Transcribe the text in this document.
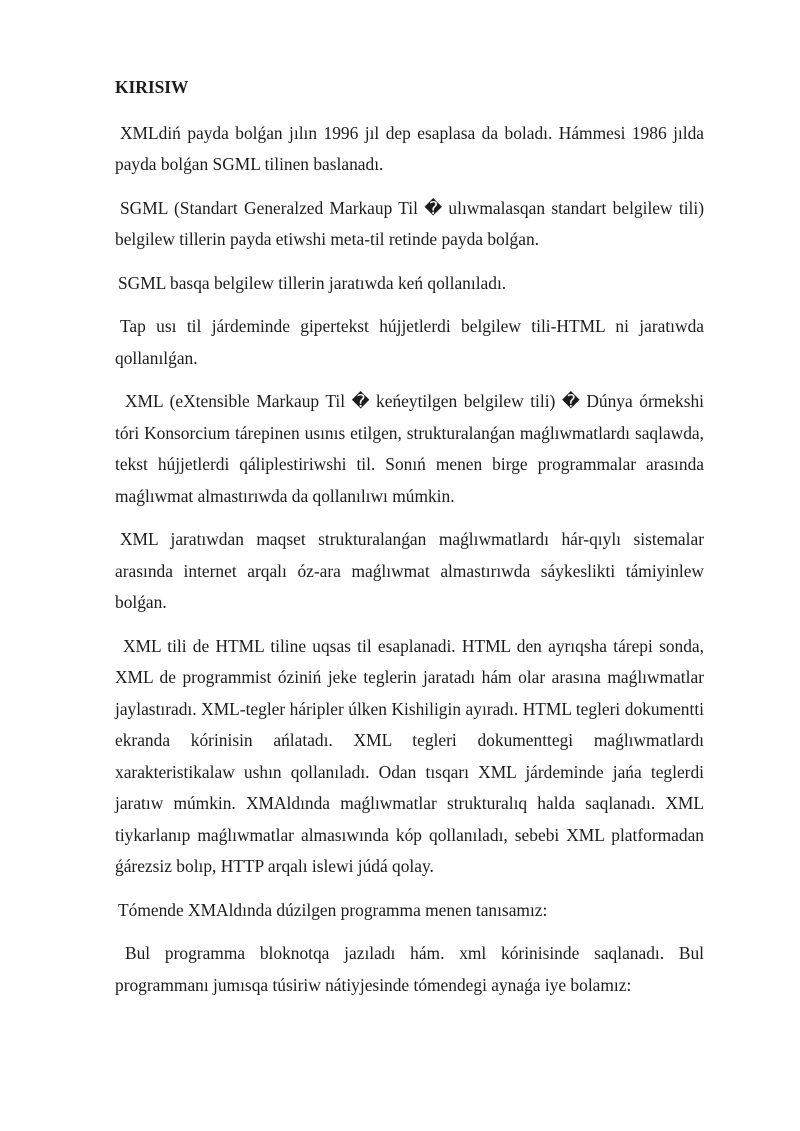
KIRISIW

XMLdiń payda bolǵan jılın 1996 jıl dep esaplasa da boladı. Hámmesi 1986 jılda payda bolǵan SGML tilinen baslanadı.

SGML (Standart Generalzed Markaup Til � ulıwmalasqan standart belgilew tili) belgilew tillerin payda etiwshi meta-til retinde payda bolǵan.

SGML basqa belgilew tillerin jaratıwda keń qollanıladı.

Tap usı til járdeminde gipertekst hújjetlerdi belgilew tili-HTML ni jaratıwda qollanılǵan.

XML (eXtensible Markaup Til � keńeytilgen belgilew tili) � Dúnya órmekshi tóri Konsorcium tárepinen usınıs etilgen, strukturalanǵan maǵlıwmatlardı saqlawda, tekst hújjetlerdi qáliplestiriwshi til. Sonıń menen birge programmalar arasında maǵlıwmat almastırıwda da qollanılıwı múmkin.

XML jaratıwdan maqset strukturalanǵan maǵlıwmatlardı hár-qıylı sistemalar arasında internet arqalı óz-ara maǵlıwmat almastırıwda sáykeslikti támiyinlew bolǵan.

XML tili de HTML tiline uqsas til esaplanadi. HTML den ayrıqsha tárepi sonda, XML de programmist óziniń jeke teglerin jaratadı hám olar arasına maǵlıwmatlar jaylastıradı. XML-tegler háripler úlken Kishiligin ayıradı. HTML tegleri dokumentti ekranda kórinisin ańlatadı. XML tegleri dokumenttegi maǵlıwmatlardı xarakteristikalaw ushın qollanıladı. Odan tısqarı XML járdeminde jańa teglerdi jaratıw múmkin. XMAldında maǵlıwmatlar strukturalıq halda saqlanadı. XML tiykarlanıp maǵlıwmatlar almasıwında kóp qollanıladı, sebebi XML platformadan ǵárezsiz bolıp, HTTP arqalı islewi júdá qolay.

Tómende XMAldında dúzilgen programma menen tanısamız:

Bul programma bloknotqa jazıladı hám. xml kórinisinde saqlanadı. Bul programmanı jumısqa túsiriw nátiyjesinde tómendegi aynaǵa iye bolamız:
